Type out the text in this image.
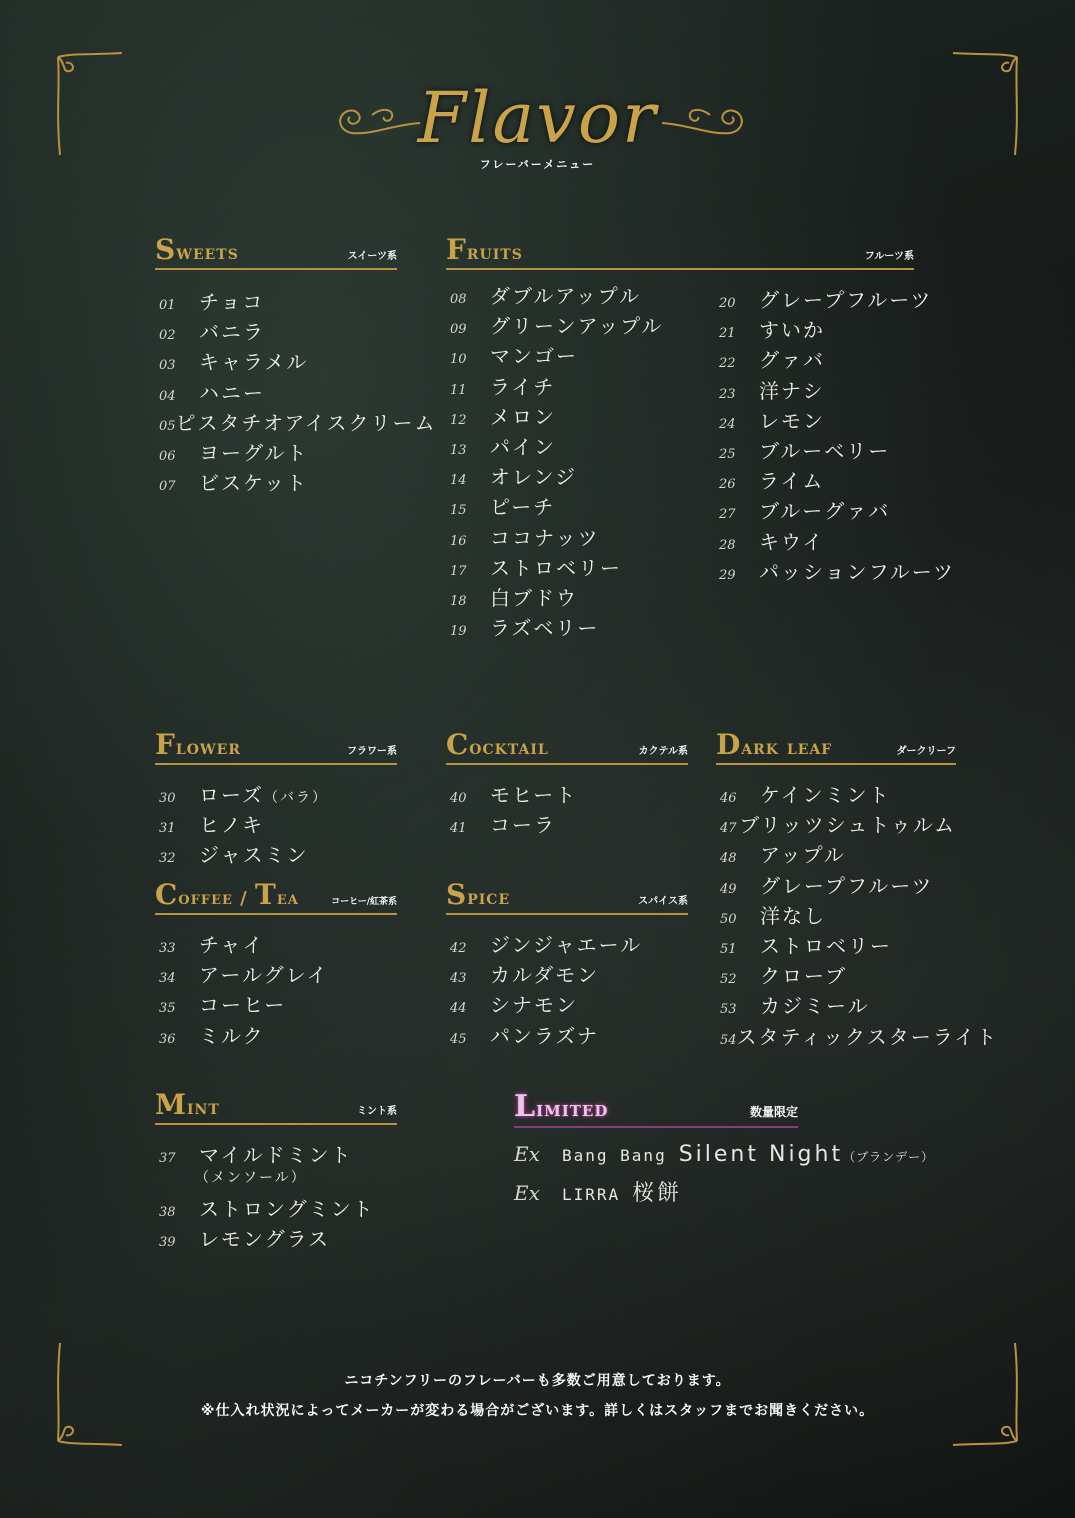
Flavor
フレーバーメニュー
Sweets	スイーツ系
01	チョコ
02	バニラ
03	キャラメル
04	ハニー
05 ピスタチオアイスクリーム
06	ヨーグルト
07	ビスケット
Fruits	フルーツ系
08	ダブルアップル
09	グリーンアップル
10	マンゴー
11	ライチ
12	メロン
13	パイン
14	オレンジ
15	ピーチ
16	ココナッツ
17	ストロベリー
18	白ブドウ
19	ラズベリー
20	グレープフルーツ
21	すいか
22	グァバ
23	洋ナシ
24	レモン
25	ブルーベリー
26	ライム
27	ブルーグァバ
28	キウイ
29	パッションフルーツ
Flower	フラワー系
30	ローズ （バラ）
31	ヒノキ
32	ジャスミン
Cocktail	カクテル系
40	モヒート
41	コーラ
Dark leaf	ダークリーフ
46	ケインミント
47 ブリッツシュトゥルム
48	アップル
49	グレープフルーツ
50	洋なし
51	ストロベリー
52	クローブ
53	カジミール
54 スタティックスターライト
Coffee / Tea	コーヒー/紅茶系
33	チャイ
34	アールグレイ
35	コーヒー
36	ミルク
Spice	スパイス系
42	ジンジャエール
43	カルダモン
44	シナモン
45	パンラズナ
Mint	ミント系
37	マイルドミント
（メンソール）
38	ストロングミント
39	レモングラス
Limited	数量限定
Ex	Bang Bang Silent Night （ブランデー）
Ex	LIRRA 桜餅
ニコチンフリーのフレーバーも多数ご用意しております。
※仕入れ状況によってメーカーが変わる場合がございます。詳しくはスタッフまでお聞きください。
